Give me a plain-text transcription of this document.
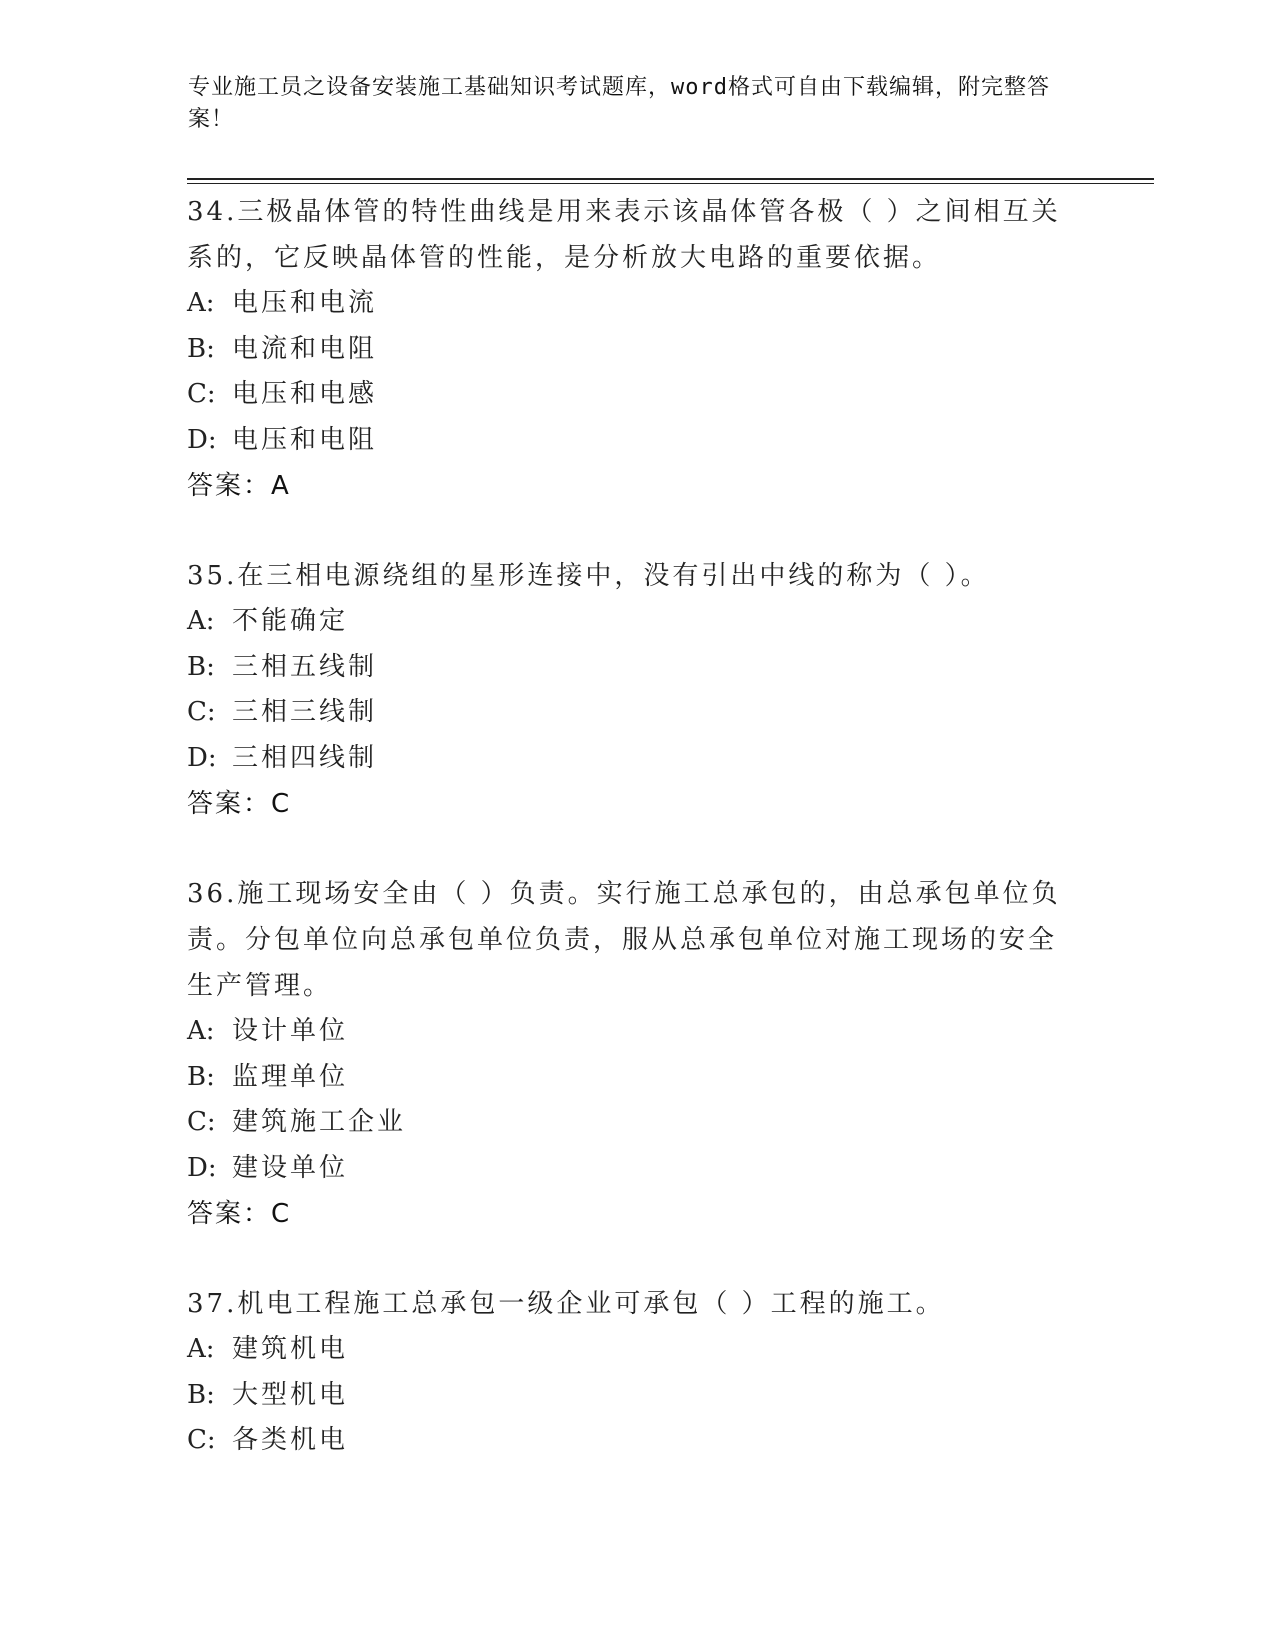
专业施工员之设备安装施工基础知识考试题库，word格式可自由下载编辑，附完整答案！

34.三极晶体管的特性曲线是用来表示该晶体管各极（ ）之间相互关系的，它反映晶体管的性能，是分析放大电路的重要依据。

A: 电压和电流

B: 电流和电阻

C: 电压和电感

D: 电压和电阻

答案：A

35.在三相电源绕组的星形连接中，没有引出中线的称为（ ）。

A: 不能确定

B: 三相五线制

C: 三相三线制

D: 三相四线制

答案：C

36.施工现场安全由（ ）负责。实行施工总承包的，由总承包单位负责。分包单位向总承包单位负责，服从总承包单位对施工现场的安全生产管理。

A: 设计单位

B: 监理单位

C: 建筑施工企业

D: 建设单位

答案：C

37.机电工程施工总承包一级企业可承包（ ）工程的施工。

A: 建筑机电

B: 大型机电

C: 各类机电
